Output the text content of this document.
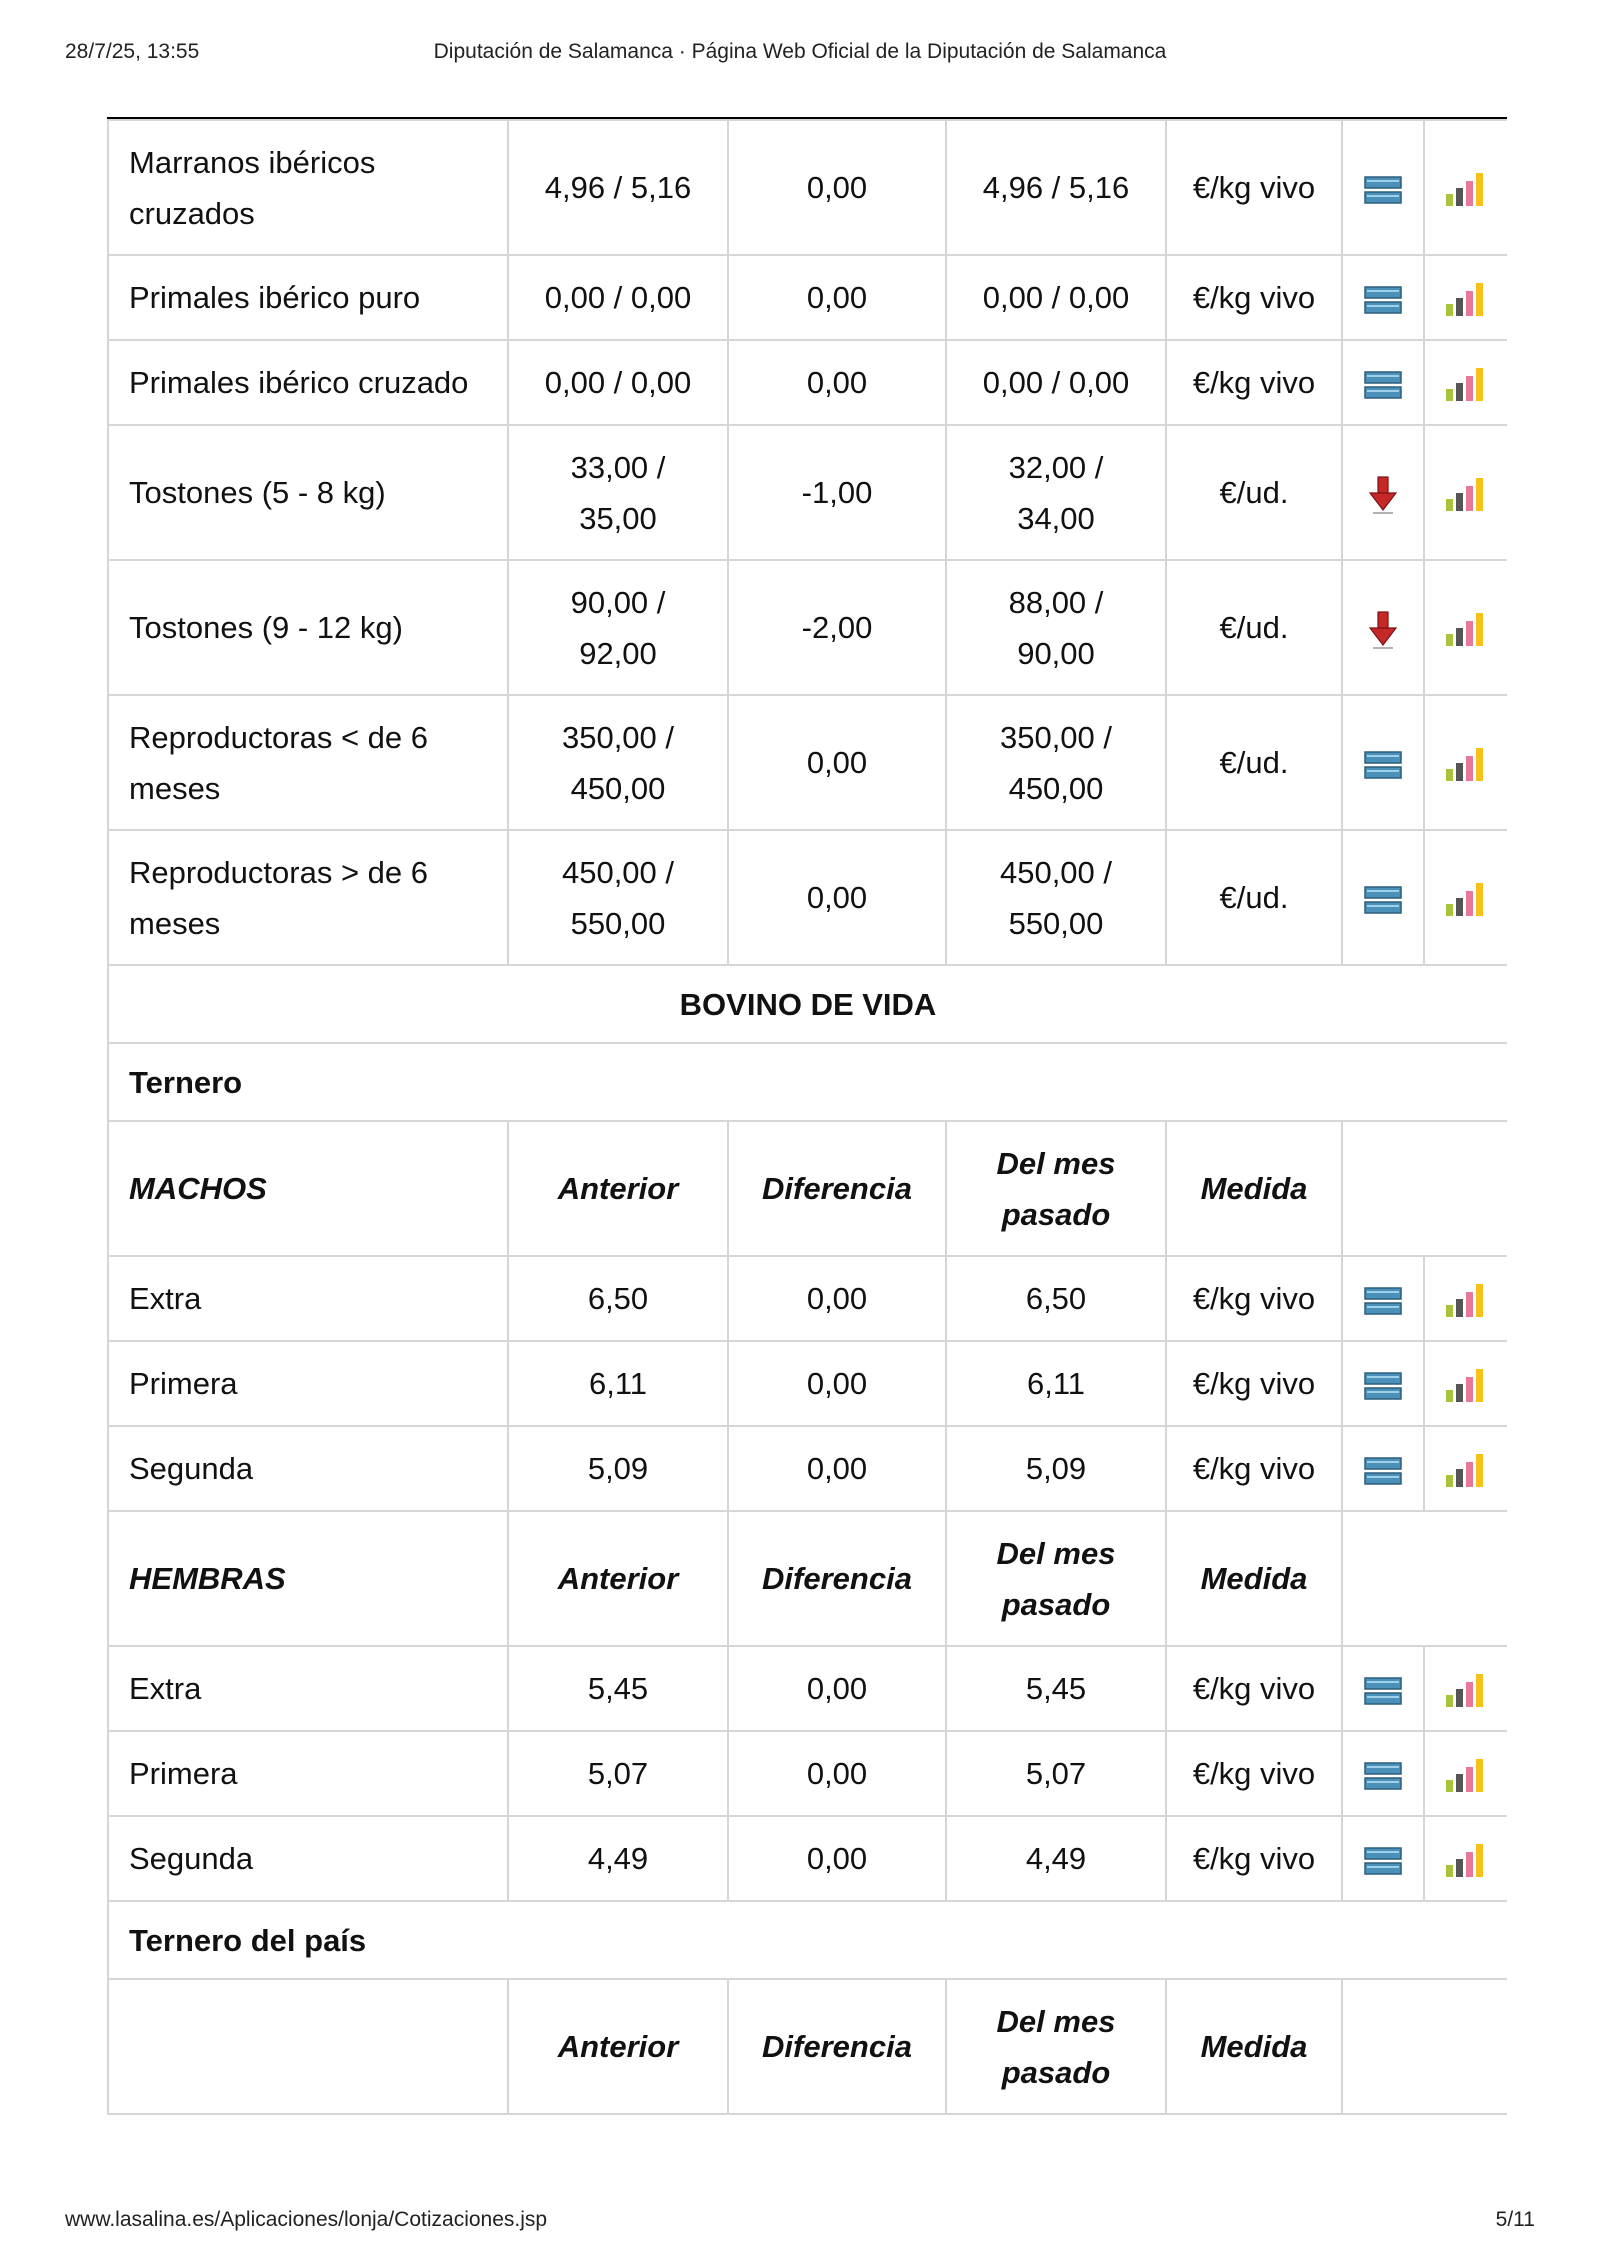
28/7/25, 13:55	Diputación de Salamanca · Página Web Oficial de la Diputación de Salamanca
Marranos ibéricos cruzados	4,96 / 5,16	0,00	4,96 / 5,16	€/kg vivo		
Primales ibérico puro	0,00 / 0,00	0,00	0,00 / 0,00	€/kg vivo		
Primales ibérico cruzado	0,00 / 0,00	0,00	0,00 / 0,00	€/kg vivo		
Tostones (5 - 8 kg)	33,00 / 35,00	-1,00	32,00 / 34,00	€/ud.		
Tostones (9 - 12 kg)	90,00 / 92,00	-2,00	88,00 / 90,00	€/ud.		
Reproductoras < de 6 meses	350,00 / 450,00	0,00	350,00 / 450,00	€/ud.		
Reproductoras > de 6 meses	450,00 / 550,00	0,00	450,00 / 550,00	€/ud.		
BOVINO DE VIDA						
Ternero						
MACHOS	Anterior	Diferencia	Del mes pasado	Medida		
Extra	6,50	0,00	6,50	€/kg vivo		
Primera	6,11	0,00	6,11	€/kg vivo		
Segunda	5,09	0,00	5,09	€/kg vivo		
HEMBRAS	Anterior	Diferencia	Del mes pasado	Medida		
Extra	5,45	0,00	5,45	€/kg vivo		
Primera	5,07	0,00	5,07	€/kg vivo		
Segunda	4,49	0,00	4,49	€/kg vivo		
Ternero del país						
	Anterior	Diferencia	Del mes pasado	Medida		
www.lasalina.es/Aplicaciones/lonja/Cotizaciones.jsp	5/11
